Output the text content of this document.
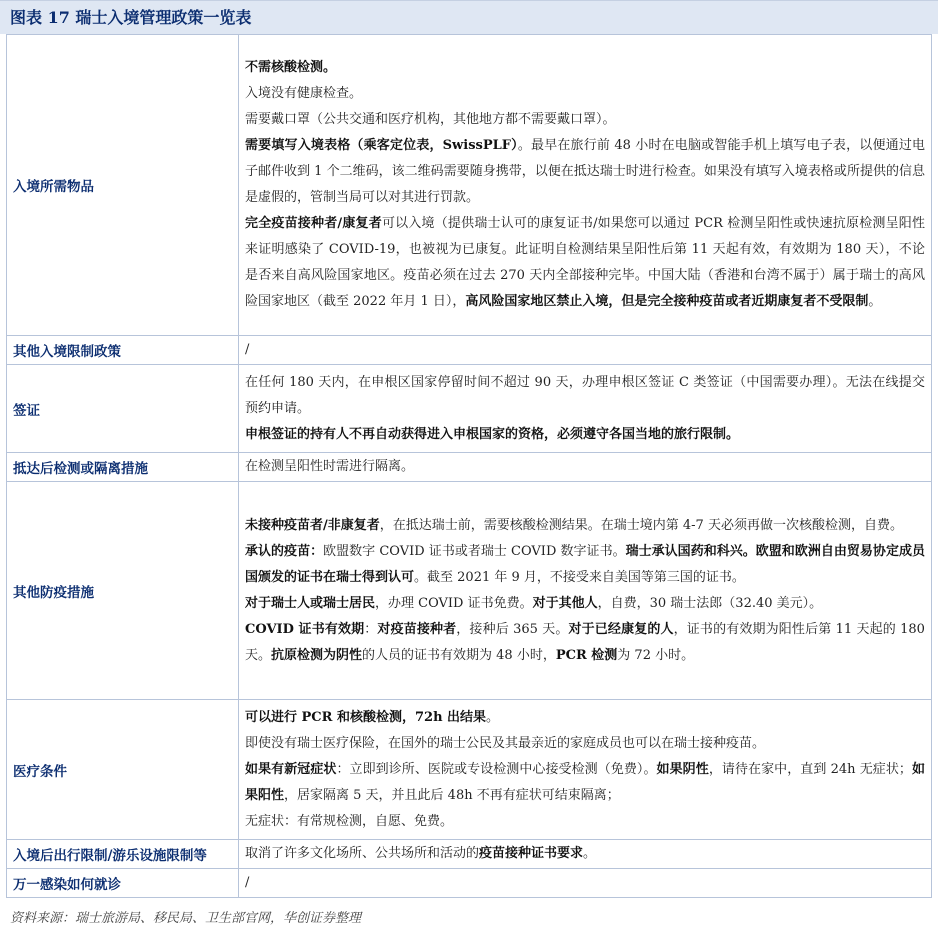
图表 17 瑞士入境管理政策一览表
入境所需物品	不需核酸检测。

入境没有健康检查。

需要戴口罩（公共交通和医疗机构，其他地方都不需要戴口罩）。

需要填写入境表格（乘客定位表，SwissPLF）。最早在旅行前 48 小时在电脑或智能手机上填写电子表，以便通过电子邮件收到 1 个二维码，该二维码需要随身携带，以便在抵达瑞士时进行检查。如果没有填写入境表格或所提供的信息是虚假的，管制当局可以对其进行罚款。

完全疫苗接种者/康复者可以入境（提供瑞士认可的康复证书/如果您可以通过 PCR 检测呈阳性或快速抗原检测呈阳性来证明感染了 COVID-19，也被视为已康复。此证明自检测结果呈阳性后第 11 天起有效，有效期为 180 天），不论是否来自高风险国家地区。疫苗必须在过去 270 天内全部接种完毕。中国大陆（香港和台湾不属于）属于瑞士的高风险国家地区（截至 2022 年月 1 日），高风险国家地区禁止入境，但是完全接种疫苗或者近期康复者不受限制。

其他入境限制政策	/

签证	在任何 180 天内，在申根区国家停留时间不超过 90 天，办理申根区签证 C 类签证（中国需要办理）。无法在线提交预约申请。

申根签证的持有人不再自动获得进入申根国家的资格，必须遵守各国当地的旅行限制。

抵达后检测或隔离措施	在检测呈阳性时需进行隔离。

其他防疫措施	未接种疫苗者/非康复者，在抵达瑞士前，需要核酸检测结果。在瑞士境内第 4-7 天必须再做一次核酸检测，自费。

承认的疫苗：欧盟数字 COVID 证书或者瑞士 COVID 数字证书。瑞士承认国药和科兴。欧盟和欧洲自由贸易协定成员国颁发的证书在瑞士得到认可。截至 2021 年 9 月，不接受来自美国等第三国的证书。

对于瑞士人或瑞士居民，办理 COVID 证书免费。对于其他人，自费，30 瑞士法郎（32.40 美元）。

COVID 证书有效期：对疫苗接种者，接种后 365 天。对于已经康复的人，证书的有效期为阳性后第 11 天起的 180 天。抗原检测为阴性的人员的证书有效期为 48 小时，PCR 检测为 72 小时。

医疗条件	可以进行 PCR 和核酸检测，72h 出结果。

即使没有瑞士医疗保险，在国外的瑞士公民及其最亲近的家庭成员也可以在瑞士接种疫苗。

如果有新冠症状：立即到诊所、医院或专设检测中心接受检测（免费）。如果阴性，请待在家中，直到 24h 无症状；如果阳性，居家隔离 5 天，并且此后 48h 不再有症状可结束隔离；

无症状：有常规检测，自愿、免费。

入境后出行限制/游乐设施限制等	取消了许多文化场所、公共场所和活动的疫苗接种证书要求。

万一感染如何就诊	/

资料来源：瑞士旅游局、移民局、卫生部官网，华创证券整理
